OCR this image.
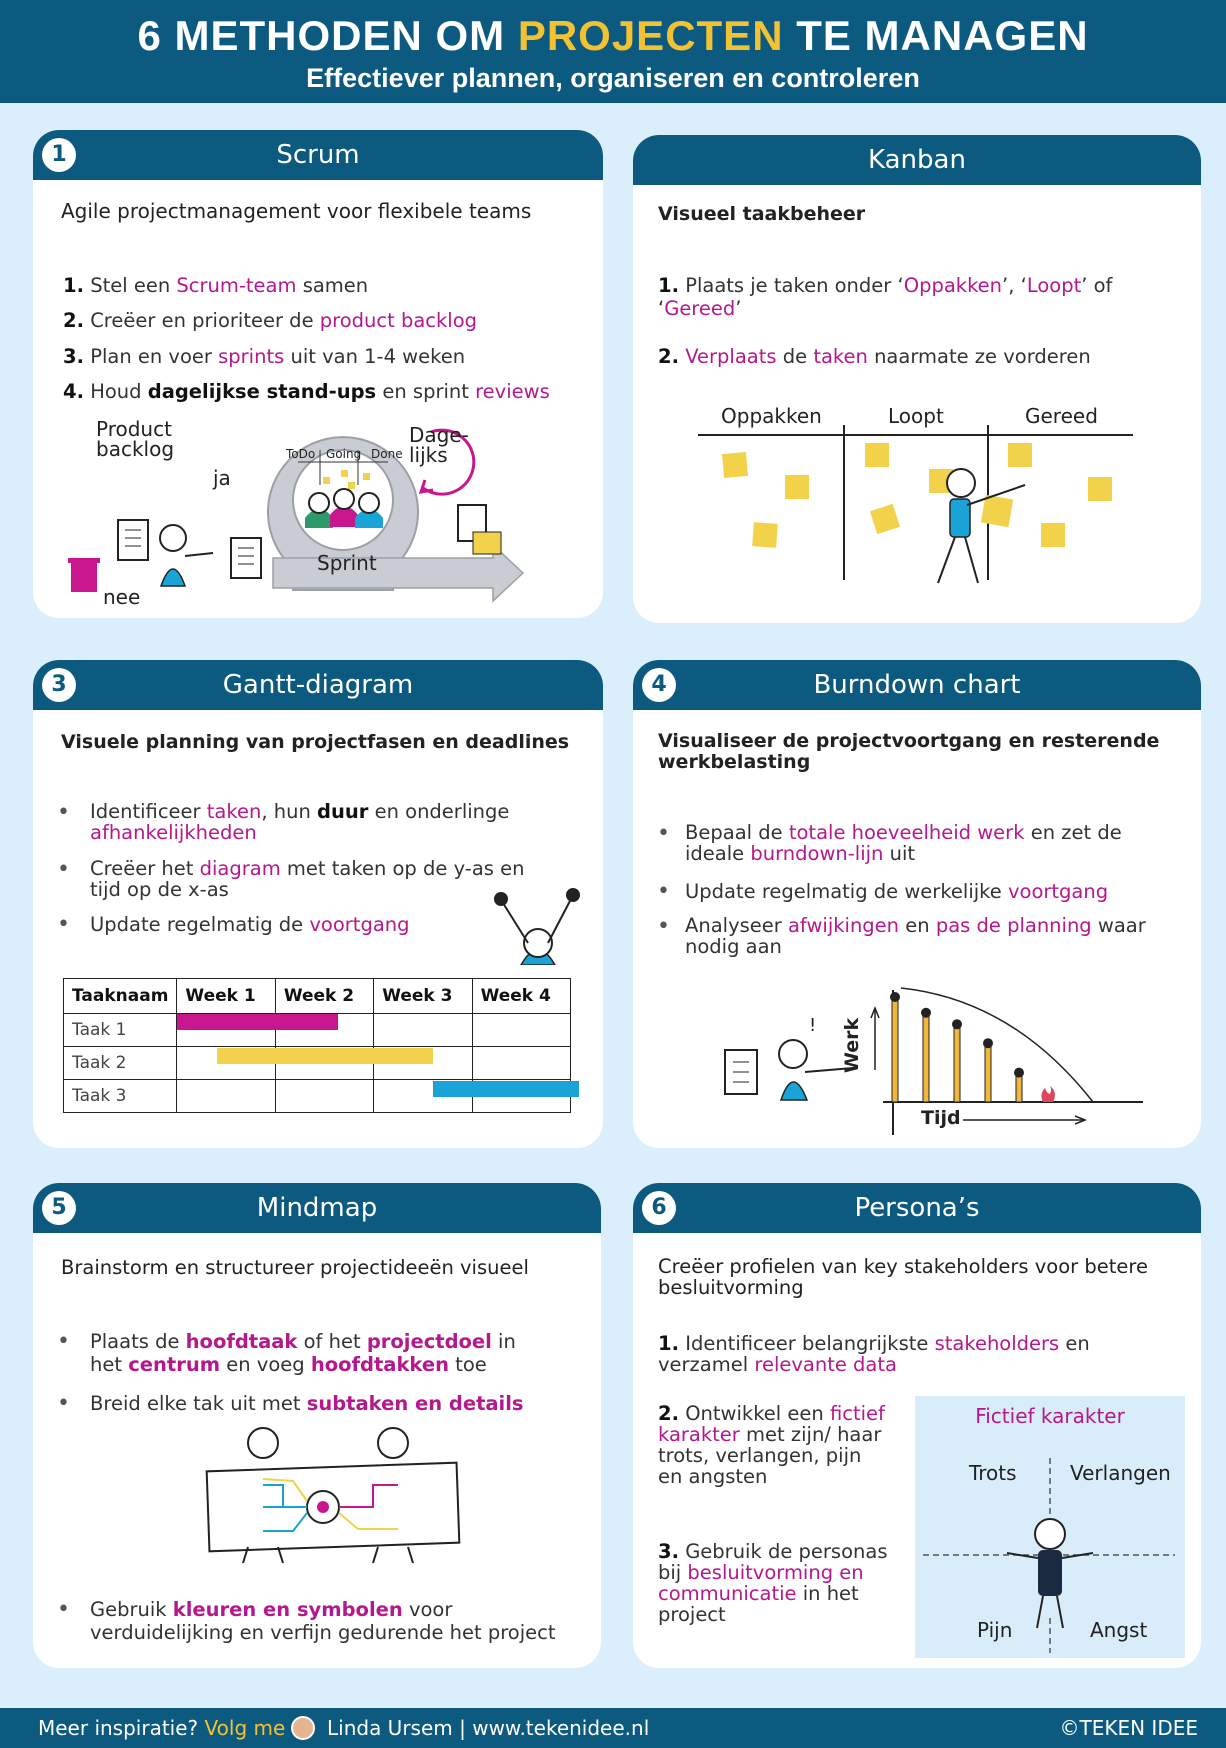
6 METHODEN OM PROJECTEN TE MANAGEN
Effectiever plannen, organiseren en controleren
Scrum
1
Agile projectmanagement voor flexibele teams
1. Stel een Scrum-team samen
2. Creëer en prioriteer de product backlog
3. Plan en voer sprints uit van 1-4 weken
4. Houd dagelijkse stand-ups en sprint reviews
Product backlog
ja
nee
ToDo Going Done
Dage-lijks
Sprint
Kanban
Visueel taakbeheer
1. Plaats je taken onder ‘Oppakken’, ‘Loopt’ of ‘Gereed’
2. Verplaats de taken naarmate ze vorderen
Oppakken	Loopt	Gereed
Gantt-diagram
3
Visuele planning van projectfasen en deadlines
• Identificeer taken, hun duur en onderlinge afhankelijkheden
• Creëer het diagram met taken op de y-as en tijd op de x-as
• Update regelmatig de voortgang
Taaknaam	Week 1	Week 2	Week 3	Week 4
Taak 1				
Taak 2				
Taak 3				
Burndown chart
4
Visualiseer de projectvoortgang en resterende werkbelasting
• Bepaal de totale hoeveelheid werk en zet de ideale burndown-lijn uit
• Update regelmatig de werkelijke voortgang
• Analyseer afwijkingen en pas de planning waar nodig aan
!
Tijd
Werk
Mindmap
5
Brainstorm en structureer projectideeën visueel
• Plaats de hoofdtaak of het projectdoel in het centrum en voeg hoofdtakken toe
• Breid elke tak uit met subtaken en details
• Gebruik kleuren en symbolen voor verduidelijking en verfijn gedurende het project
Persona’s
6
Creëer profielen van key stakeholders voor betere besluitvorming
1. Identificeer belangrijkste stakeholders en verzamel relevante data
2. Ontwikkel een fictief karakter met zijn/ haar trots, verlangen, pijn en angsten
3. Gebruik de personas bij besluitvorming en communicatie in het project
Fictief karakter
Trots	Verlangen
Pijn	Angst
Meer inspiratie? Volg me Linda Ursem | www.tekenidee.nl	©TEKEN IDEE
